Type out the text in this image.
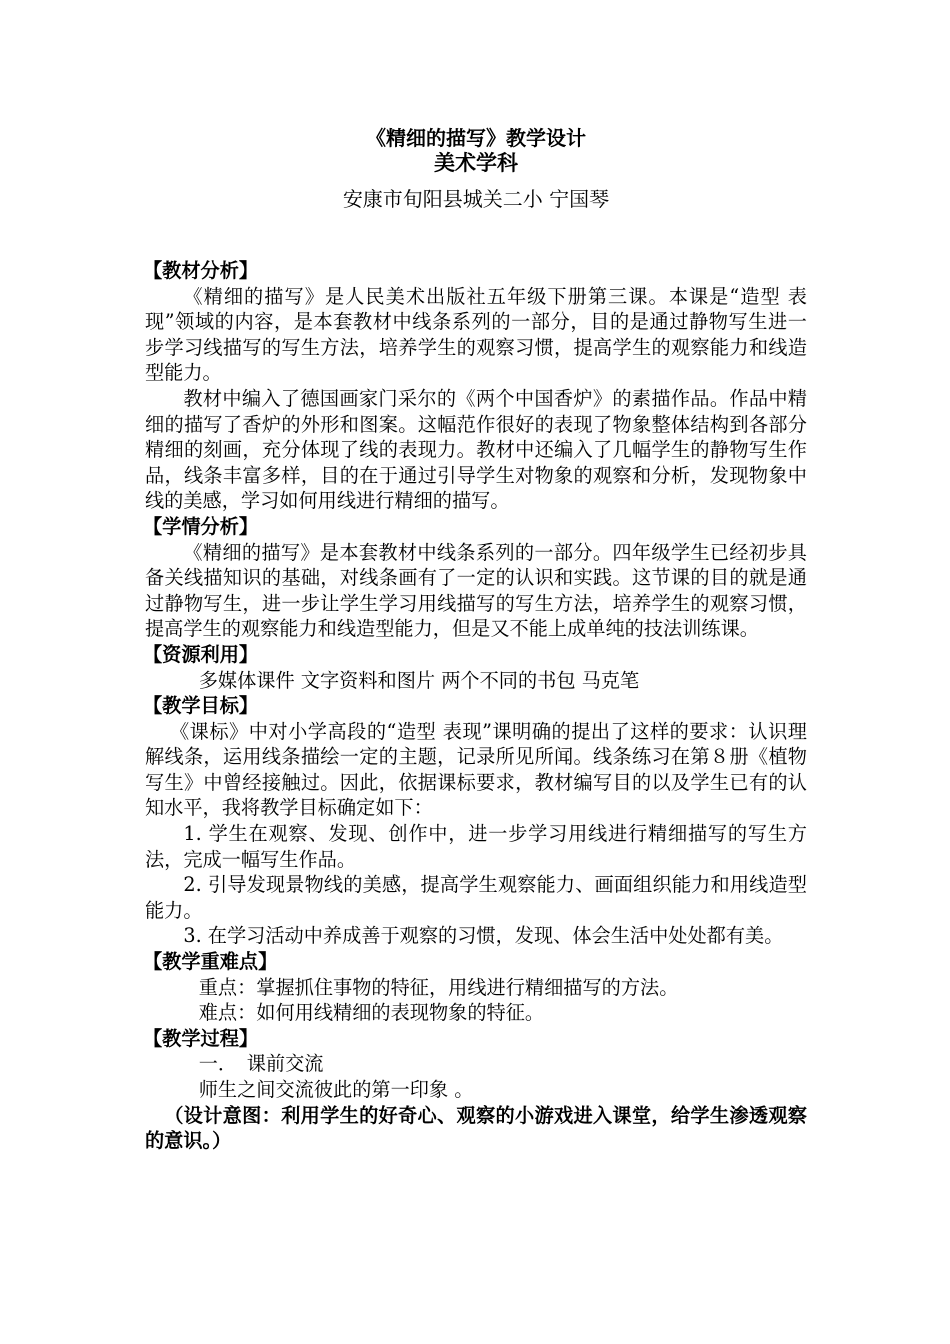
《精细的描写》教学设计
美术学科
安康市旬阳县城关二小 宁国琴
【教材分析】

《精细的描写》是人民美术出版社五年级下册第三课。本课是“造型 表现”领域的内容，是本套教材中线条系列的一部分，目的是通过静物写生进一步学习线描写的写生方法，培养学生的观察习惯，提高学生的观察能力和线造型能力。

教材中编入了德国画家门采尔的《两个中国香炉》的素描作品。作品中精细的描写了香炉的外形和图案。这幅范作很好的表现了物象整体结构到各部分精细的刻画，充分体现了线的表现力。教材中还编入了几幅学生的静物写生作品，线条丰富多样，目的在于通过引导学生对物象的观察和分析，发现物象中线的美感，学习如何用线进行精细的描写。

【学情分析】

《精细的描写》是本套教材中线条系列的一部分。四年级学生已经初步具备关线描知识的基础，对线条画有了一定的认识和实践。这节课的目的就是通过静物写生，进一步让学生学习用线描写的写生方法，培养学生的观察习惯，提高学生的观察能力和线造型能力，但是又不能上成单纯的技法训练课。

【资源利用】

多媒体课件 文字资料和图片 两个不同的书包 马克笔

【教学目标】

《课标》中对小学高段的“造型 表现”课明确的提出了这样的要求：认识理解线条，运用线条描绘一定的主题，记录所见所闻。线条练习在第８册《植物写生》中曾经接触过。因此，依据课标要求，教材编写目的以及学生已有的认知水平，我将教学目标确定如下：

1. 学生在观察、发现、创作中，进一步学习用线进行精细描写的写生方法，完成一幅写生作品。

2. 引导发现景物线的美感，提高学生观察能力、画面组织能力和用线造型能力。

3. 在学习活动中养成善于观察的习惯，发现、体会生活中处处都有美。

【教学重难点】

重点：掌握抓住事物的特征，用线进行精细描写的方法。

难点：如何用线精细的表现物象的特征。

【教学过程】

一．　课前交流

师生之间交流彼此的第一印象 。

（设计意图：利用学生的好奇心、观察的小游戏进入课堂，给学生渗透观察的意识。）
